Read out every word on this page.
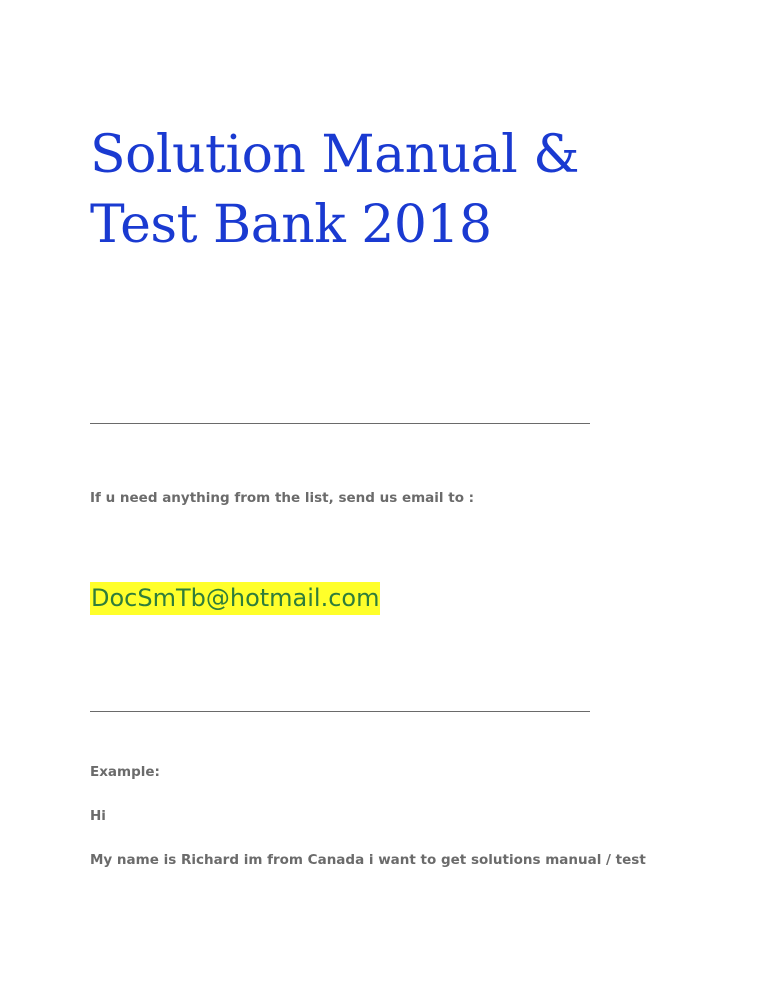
Solution Manual &
Test Bank 2018

If u need anything from the list, send us email to :

DocSmTb@hotmail.com

Example:

Hi

My name is Richard im from Canada i want to get solutions manual / test
